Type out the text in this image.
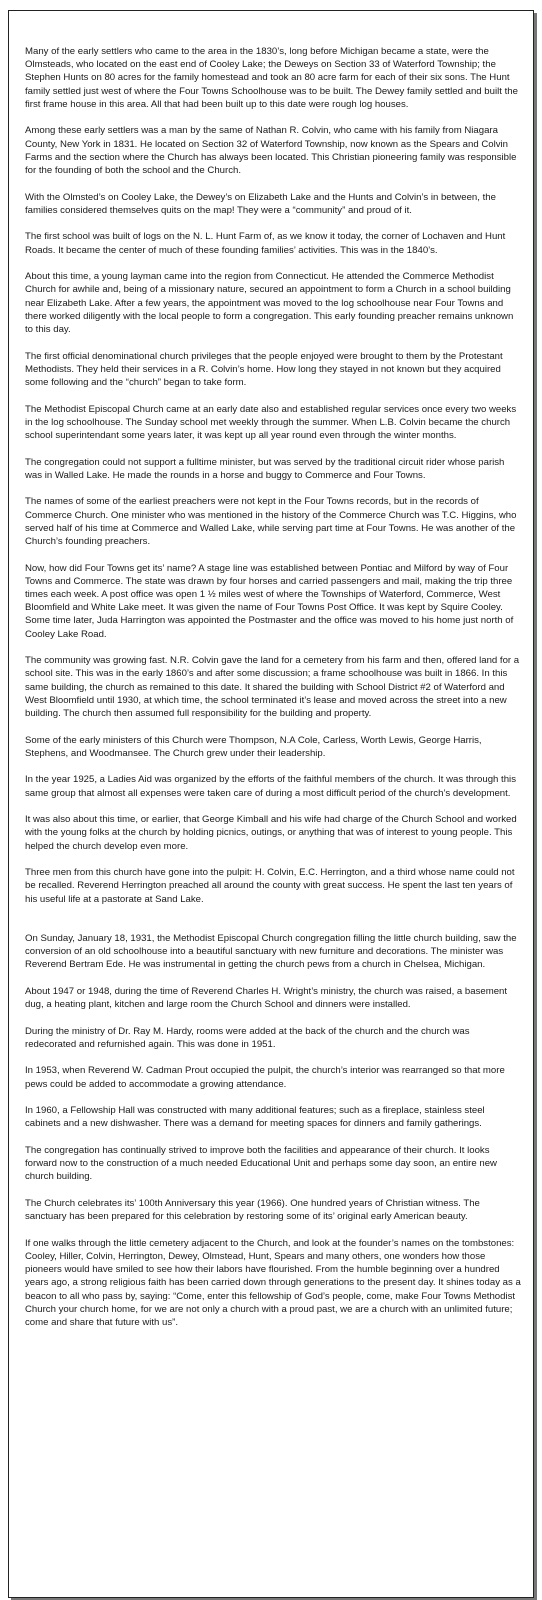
Many of the early settlers who came to the area in the 1830’s, long before Michigan became a state, were the Olmsteads, who located on the east end of Cooley Lake; the Deweys on Section 33 of Waterford Township; the Stephen Hunts on 80 acres for the family homestead and took an 80 acre farm for each of their six sons. The Hunt family settled just west of where the Four Towns Schoolhouse was to be built. The Dewey family settled and built the first frame house in this area. All that had been built up to this date were rough log houses.

Among these early settlers was a man by the same of Nathan R. Colvin, who came with his family from Niagara County, New York in 1831. He located on Section 32 of Waterford Township, now known as the Spears and Colvin Farms and the section where the Church has always been located. This Christian pioneering family was responsible for the founding of both the school and the Church.

With the Olmsted’s on Cooley Lake, the Dewey’s on Elizabeth Lake and the Hunts and Colvin’s in between, the families considered themselves quits on the map! They were a “community” and proud of it.

The first school was built of logs on the N. L. Hunt Farm of, as we know it today, the corner of Lochaven and Hunt Roads. It became the center of much of these founding families’ activities. This was in the 1840’s.

About this time, a young layman came into the region from Connecticut. He attended the Commerce Methodist Church for awhile and, being of a missionary nature, secured an appointment to form a Church in a school building near Elizabeth Lake. After a few years, the appointment was moved to the log schoolhouse near Four Towns and there worked diligently with the local people to form a congregation. This early founding preacher remains unknown to this day.

The first official denominational church privileges that the people enjoyed were brought to them by the Protestant Methodists. They held their services in a R. Colvin’s home. How long they stayed in not known but they acquired some following and the “church” began to take form.

The Methodist Episcopal Church came at an early date also and established regular services once every two weeks in the log schoolhouse. The Sunday school met weekly through the summer. When L.B. Colvin became the church school superintendant some years later, it was kept up all year round even through the winter months.

The congregation could not support a fulltime minister, but was served by the traditional circuit rider whose parish was in Walled Lake. He made the rounds in a horse and buggy to Commerce and Four Towns.

The names of some of the earliest preachers were not kept in the Four Towns records, but in the records of Commerce Church. One minister who was mentioned in the history of the Commerce Church was T.C. Higgins, who served half of his time at Commerce and Walled Lake, while serving part time at Four Towns. He was another of the Church’s founding preachers.

Now, how did Four Towns get its’ name? A stage line was established between Pontiac and Milford by way of Four Towns and Commerce. The state was drawn by four horses and carried passengers and mail, making the trip three times each week. A post office was open 1 ½ miles west of where the Townships of Waterford, Commerce, West Bloomfield and White Lake meet. It was given the name of Four Towns Post Office. It was kept by Squire Cooley. Some time later, Juda Harrington was appointed the Postmaster and the office was moved to his home just north of Cooley Lake Road.

The community was growing fast. N.R. Colvin gave the land for a cemetery from his farm and then, offered land for a school site. This was in the early 1860’s and after some discussion; a frame schoolhouse was built in 1866. In this same building, the church as remained to this date. It shared the building with School District #2 of Waterford and West Bloomfield until 1930, at which time, the school terminated it’s lease and moved across the street into a new building. The church then assumed full responsibility for the building and property.

Some of the early ministers of this Church were Thompson, N.A Cole, Carless, Worth Lewis, George Harris, Stephens, and Woodmansee. The Church grew under their leadership.

In the year 1925, a Ladies Aid was organized by the efforts of the faithful members of the church. It was through this same group that almost all expenses were taken care of during a most difficult period of the church’s development.

It was also about this time, or earlier, that George Kimball and his wife had charge of the Church School and worked with the young folks at the church by holding picnics, outings, or anything that was of interest to young people. This helped the church develop even more.

Three men from this church have gone into the pulpit: H. Colvin, E.C. Herrington, and a third whose name could not be recalled. Reverend Herrington preached all around the county with great success. He spent the last ten years of his useful life at a pastorate at Sand Lake.

On Sunday, January 18, 1931, the Methodist Episcopal Church congregation filling the little church building, saw the conversion of an old schoolhouse into a beautiful sanctuary with new furniture and decorations. The minister was Reverend Bertram Ede. He was instrumental in getting the church pews from a church in Chelsea, Michigan.

About 1947 or 1948, during the time of Reverend Charles H. Wright’s ministry, the church was raised, a basement dug, a heating plant, kitchen and large room the Church School and dinners were installed.

During the ministry of Dr. Ray M. Hardy, rooms were added at the back of the church and the church was redecorated and refurnished again. This was done in 1951.

In 1953, when Reverend W. Cadman Prout occupied the pulpit, the church’s interior was rearranged so that more pews could be added to accommodate a growing attendance.

In 1960, a Fellowship Hall was constructed with many additional features; such as a fireplace, stainless steel cabinets and a new dishwasher. There was a demand for meeting spaces for dinners and family gatherings.

The congregation has continually strived to improve both the facilities and appearance of their church. It looks forward now to the construction of a much needed Educational Unit and perhaps some day soon, an entire new church building.

The Church celebrates its’ 100th Anniversary this year (1966). One hundred years of Christian witness. The sanctuary has been prepared for this celebration by restoring some of its’ original early American beauty.

If one walks through the little cemetery adjacent to the Church, and look at the founder’s names on the tombstones: Cooley, Hiller, Colvin, Herrington, Dewey, Olmstead, Hunt, Spears and many others, one wonders how those pioneers would have smiled to see how their labors have flourished. From the humble beginning over a hundred years ago, a strong religious faith has been carried down through generations to the present day. It shines today as a beacon to all who pass by, saying: “Come, enter this fellowship of God’s people, come, make Four Towns Methodist Church your church home, for we are not only a church with a proud past, we are a church with an unlimited future; come and share that future with us”.
